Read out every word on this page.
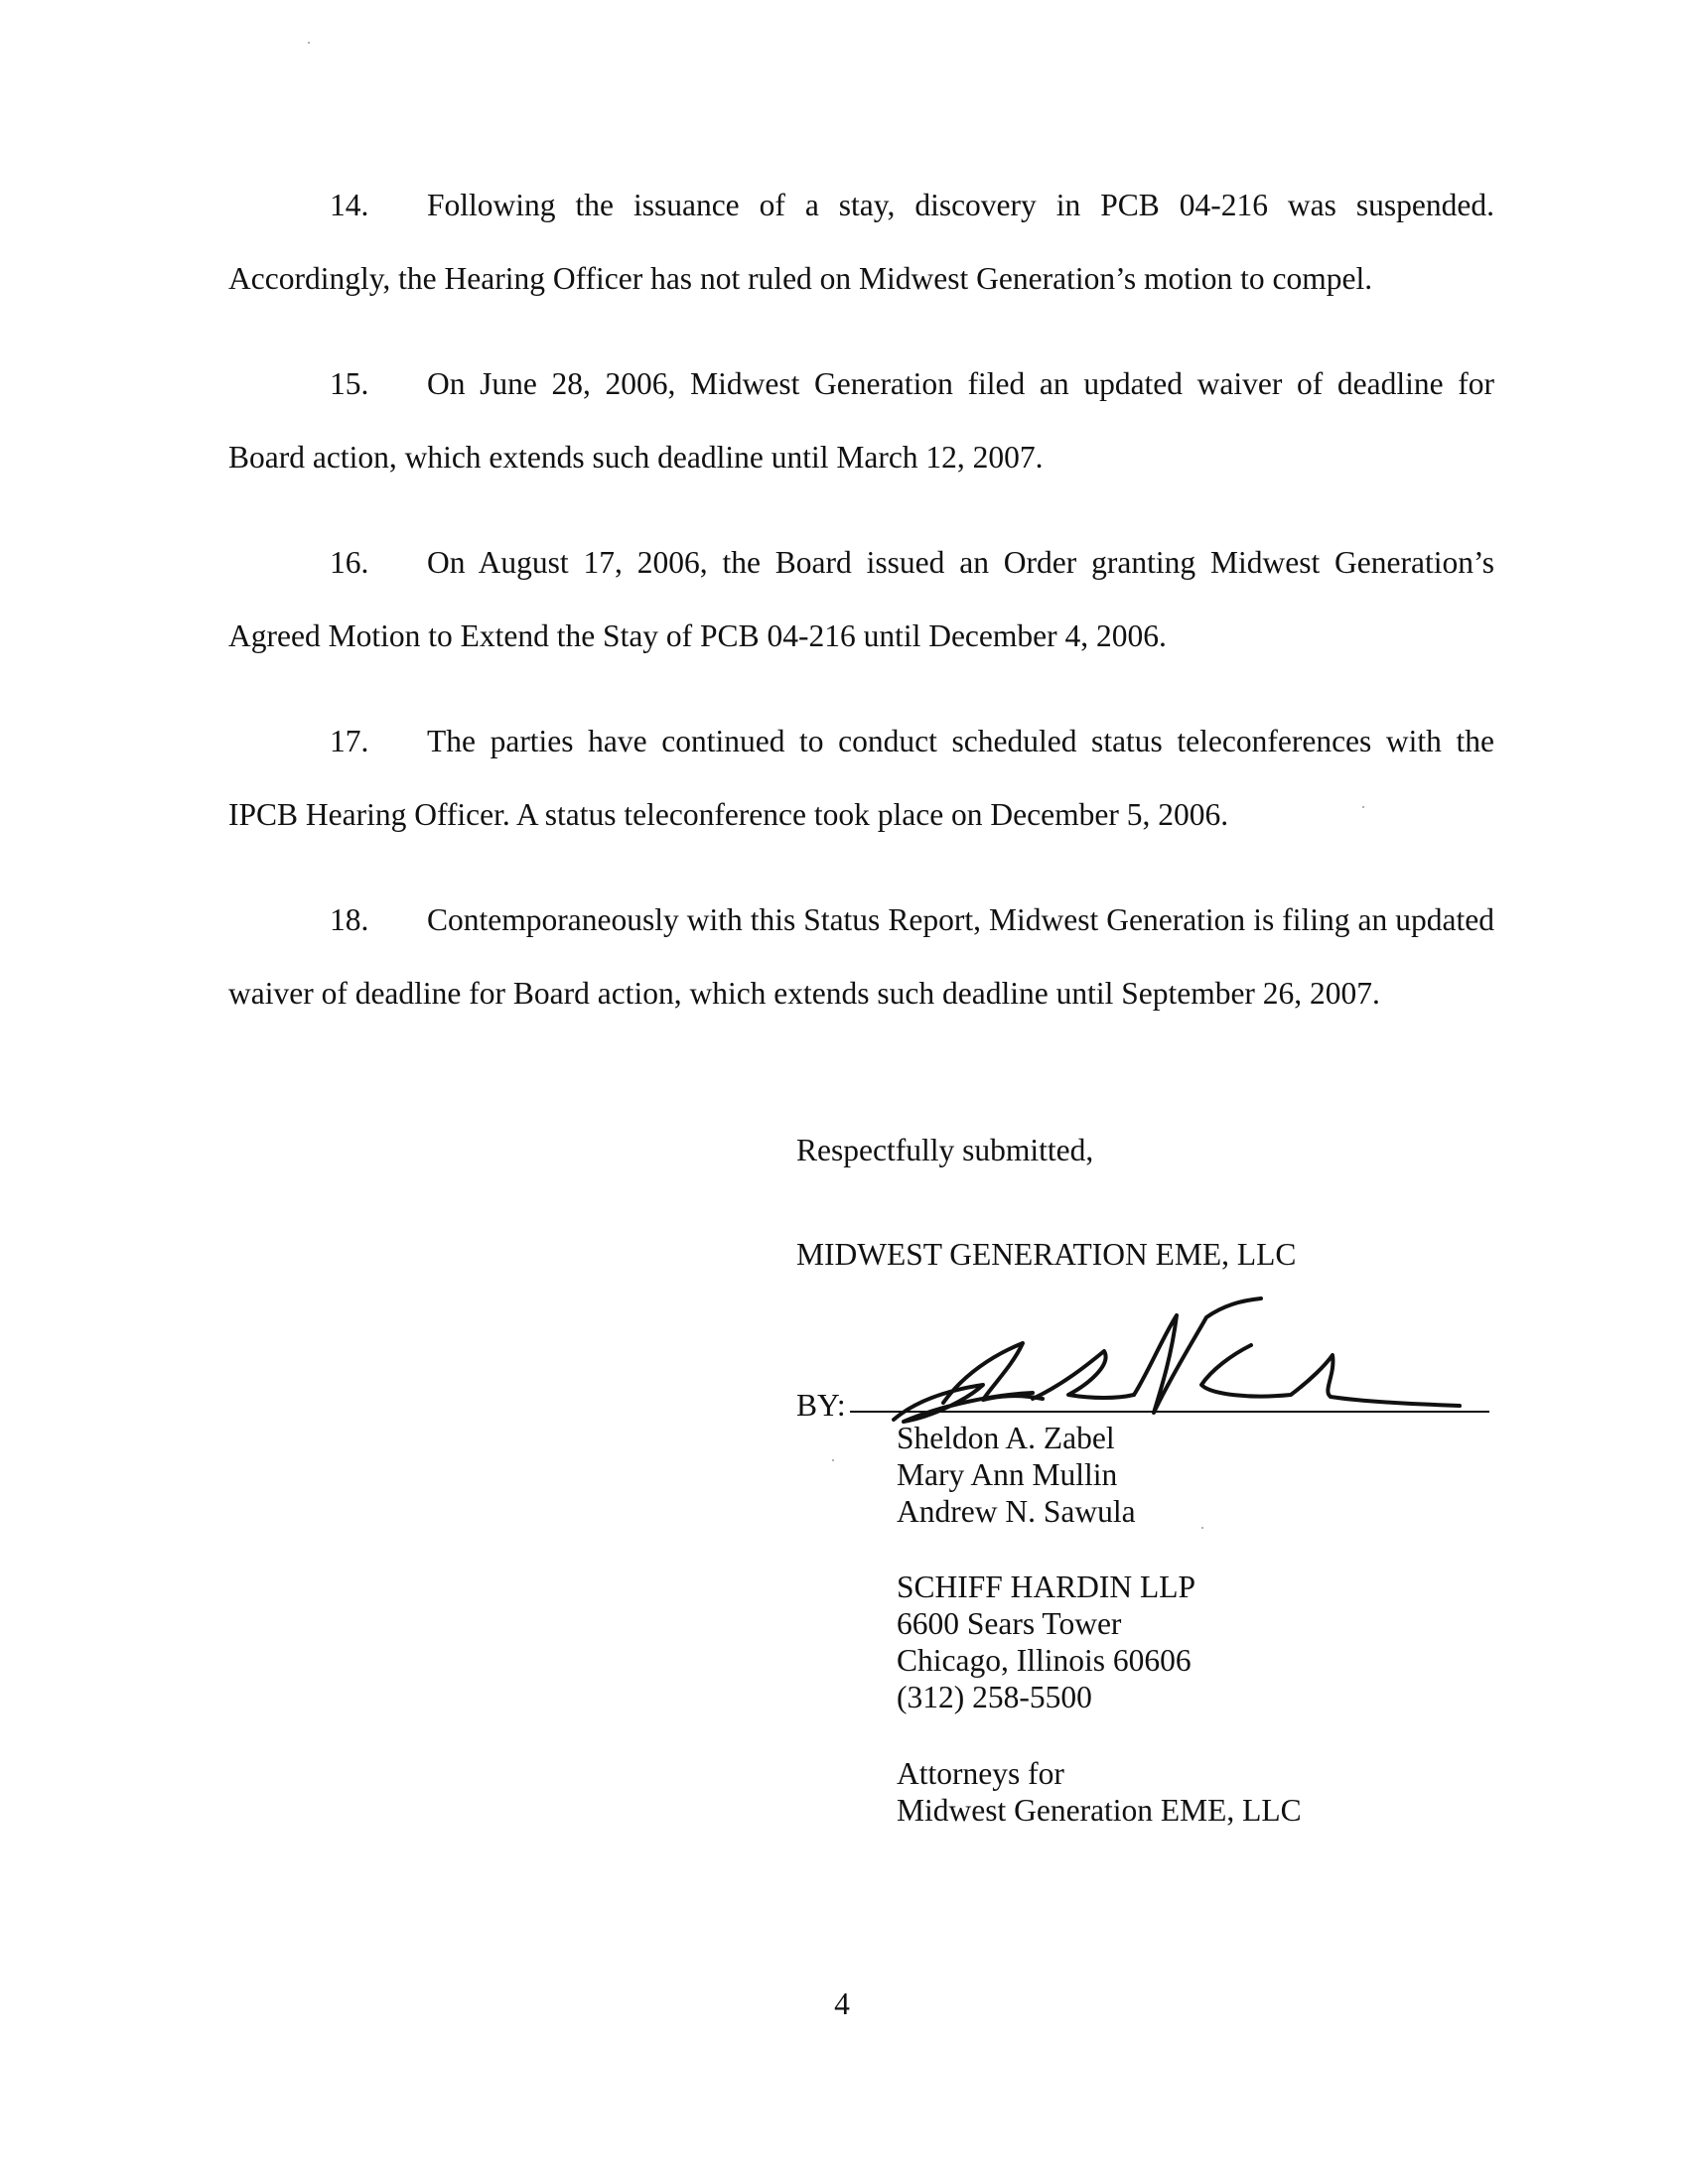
14. Following the issuance of a stay, discovery in PCB 04-216 was suspended. Accordingly, the Hearing Officer has not ruled on Midwest Generation’s motion to compel.

15. On June 28, 2006, Midwest Generation filed an updated waiver of deadline for Board action, which extends such deadline until March 12, 2007.

16. On August 17, 2006, the Board issued an Order granting Midwest Generation’s Agreed Motion to Extend the Stay of PCB 04-216 until December 4, 2006.

17. The parties have continued to conduct scheduled status teleconferences with the IPCB Hearing Officer. A status teleconference took place on December 5, 2006.

18. Contemporaneously with this Status Report, Midwest Generation is filing an updated waiver of deadline for Board action, which extends such deadline until September 26, 2007.

Respectfully submitted,
MIDWEST GENERATION EME, LLC
BY:
Sheldon A. Zabel
Mary Ann Mullin
Andrew N. Sawula
SCHIFF HARDIN LLP
6600 Sears Tower
Chicago, Illinois 60606
(312) 258-5500
Attorneys for
Midwest Generation EME, LLC
4
